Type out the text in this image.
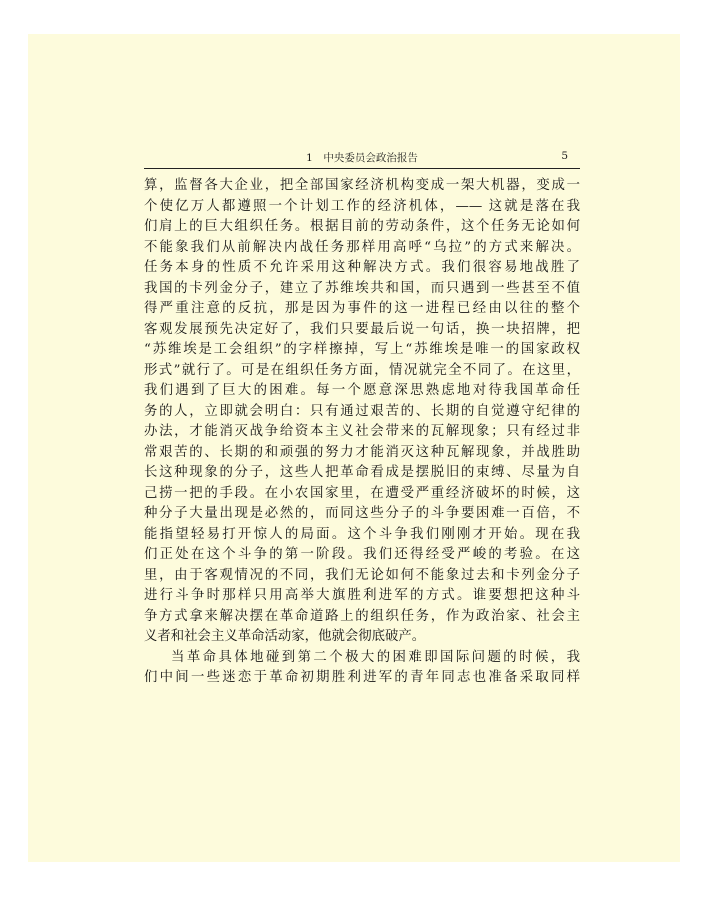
1　中央委员会政治报告	5
算，监督各大企业，把全部国家经济机构变成一架大机器，变成一
个使亿万人都遵照一个计划工作的经济机体，—— 这就是落在我
们肩上的巨大组织任务。根据目前的劳动条件，这个任务无论如何
不能象我们从前解决内战任务那样用高呼“乌拉”的方式来解决。
任务本身的性质不允许采用这种解决方式。我们很容易地战胜了
我国的卡列金分子，建立了苏维埃共和国，而只遇到一些甚至不值
得严重注意的反抗，那是因为事件的这一进程已经由以往的整个
客观发展预先决定好了，我们只要最后说一句话，换一块招牌，把
“苏维埃是工会组织”的字样擦掉，写上“苏维埃是唯一的国家政权
形式”就行了。可是在组织任务方面，情况就完全不同了。在这里，
我们遇到了巨大的困难。每一个愿意深思熟虑地对待我国革命任
务的人，立即就会明白：只有通过艰苦的、长期的自觉遵守纪律的
办法，才能消灭战争给资本主义社会带来的瓦解现象；只有经过非
常艰苦的、长期的和顽强的努力才能消灭这种瓦解现象，并战胜助
长这种现象的分子，这些人把革命看成是摆脱旧的束缚、尽量为自
己捞一把的手段。在小农国家里，在遭受严重经济破坏的时候，这
种分子大量出现是必然的，而同这些分子的斗争要困难一百倍，不
能指望轻易打开惊人的局面。这个斗争我们刚刚才开始。现在我
们正处在这个斗争的第一阶段。我们还得经受严峻的考验。在这
里，由于客观情况的不同，我们无论如何不能象过去和卡列金分子
进行斗争时那样只用高举大旗胜利进军的方式。谁要想把这种斗
争方式拿来解决摆在革命道路上的组织任务，作为政治家、社会主
义者和社会主义革命活动家，他就会彻底破产。
当革命具体地碰到第二个极大的困难即国际问题的时候，我
们中间一些迷恋于革命初期胜利进军的青年同志也准备采取同样
